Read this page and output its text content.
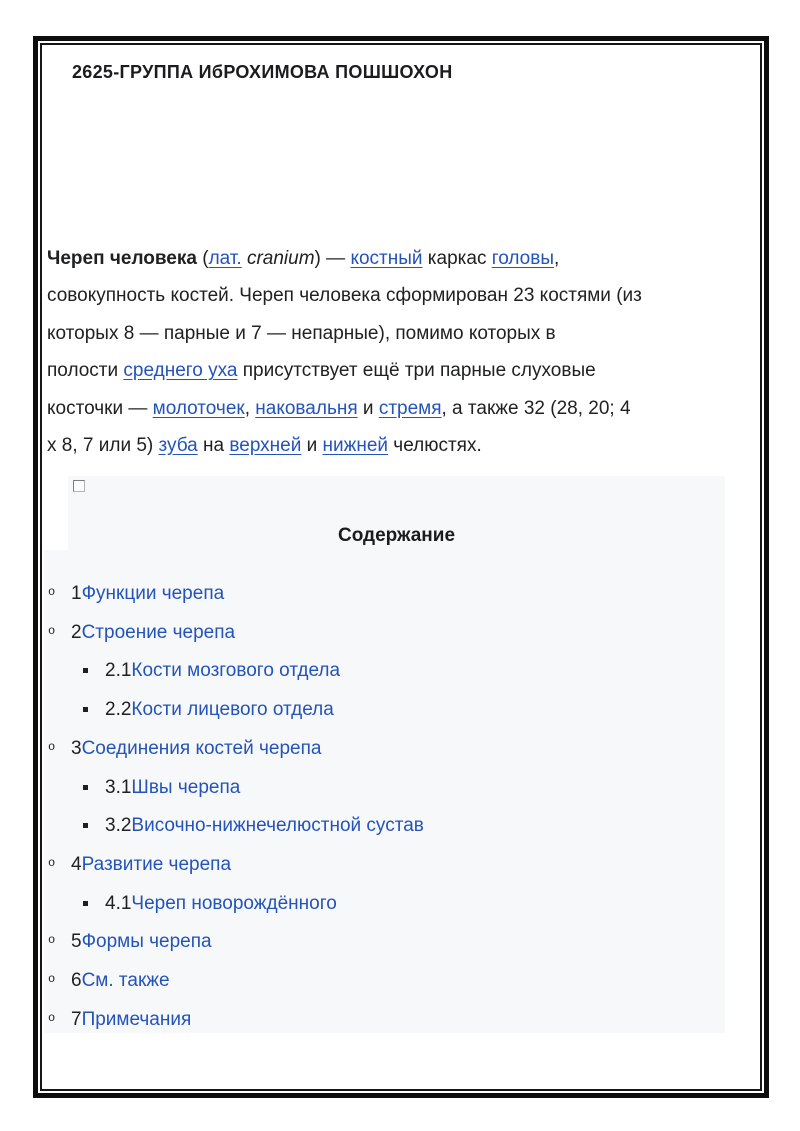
2625-ГРУППА ИбРОХИМОВА ПОШШОХОН
Череп человека (лат. cranium) — костный каркас головы,
совокупность костей. Череп человека сформирован 23 костями (из
которых 8 — парные и 7 — непарные), помимо которых в
полости среднего уха присутствует ещё три парные слуховые
косточки — молоточек, наковальня и стремя, а также 32 (28, 20; 4
х 8, 7 или 5) зуба на верхней и нижней челюстях.
Содержание
o 1Функции черепа
o 2Строение черепа
2.1Кости мозгового отдела
2.2Кости лицевого отдела
o 3Соединения костей черепа
3.1Швы черепа
3.2Височно-нижнечелюстной сустав
o 4Развитие черепа
4.1Череп новорождённого
o 5Формы черепа
o 6См. также
o 7Примечания
